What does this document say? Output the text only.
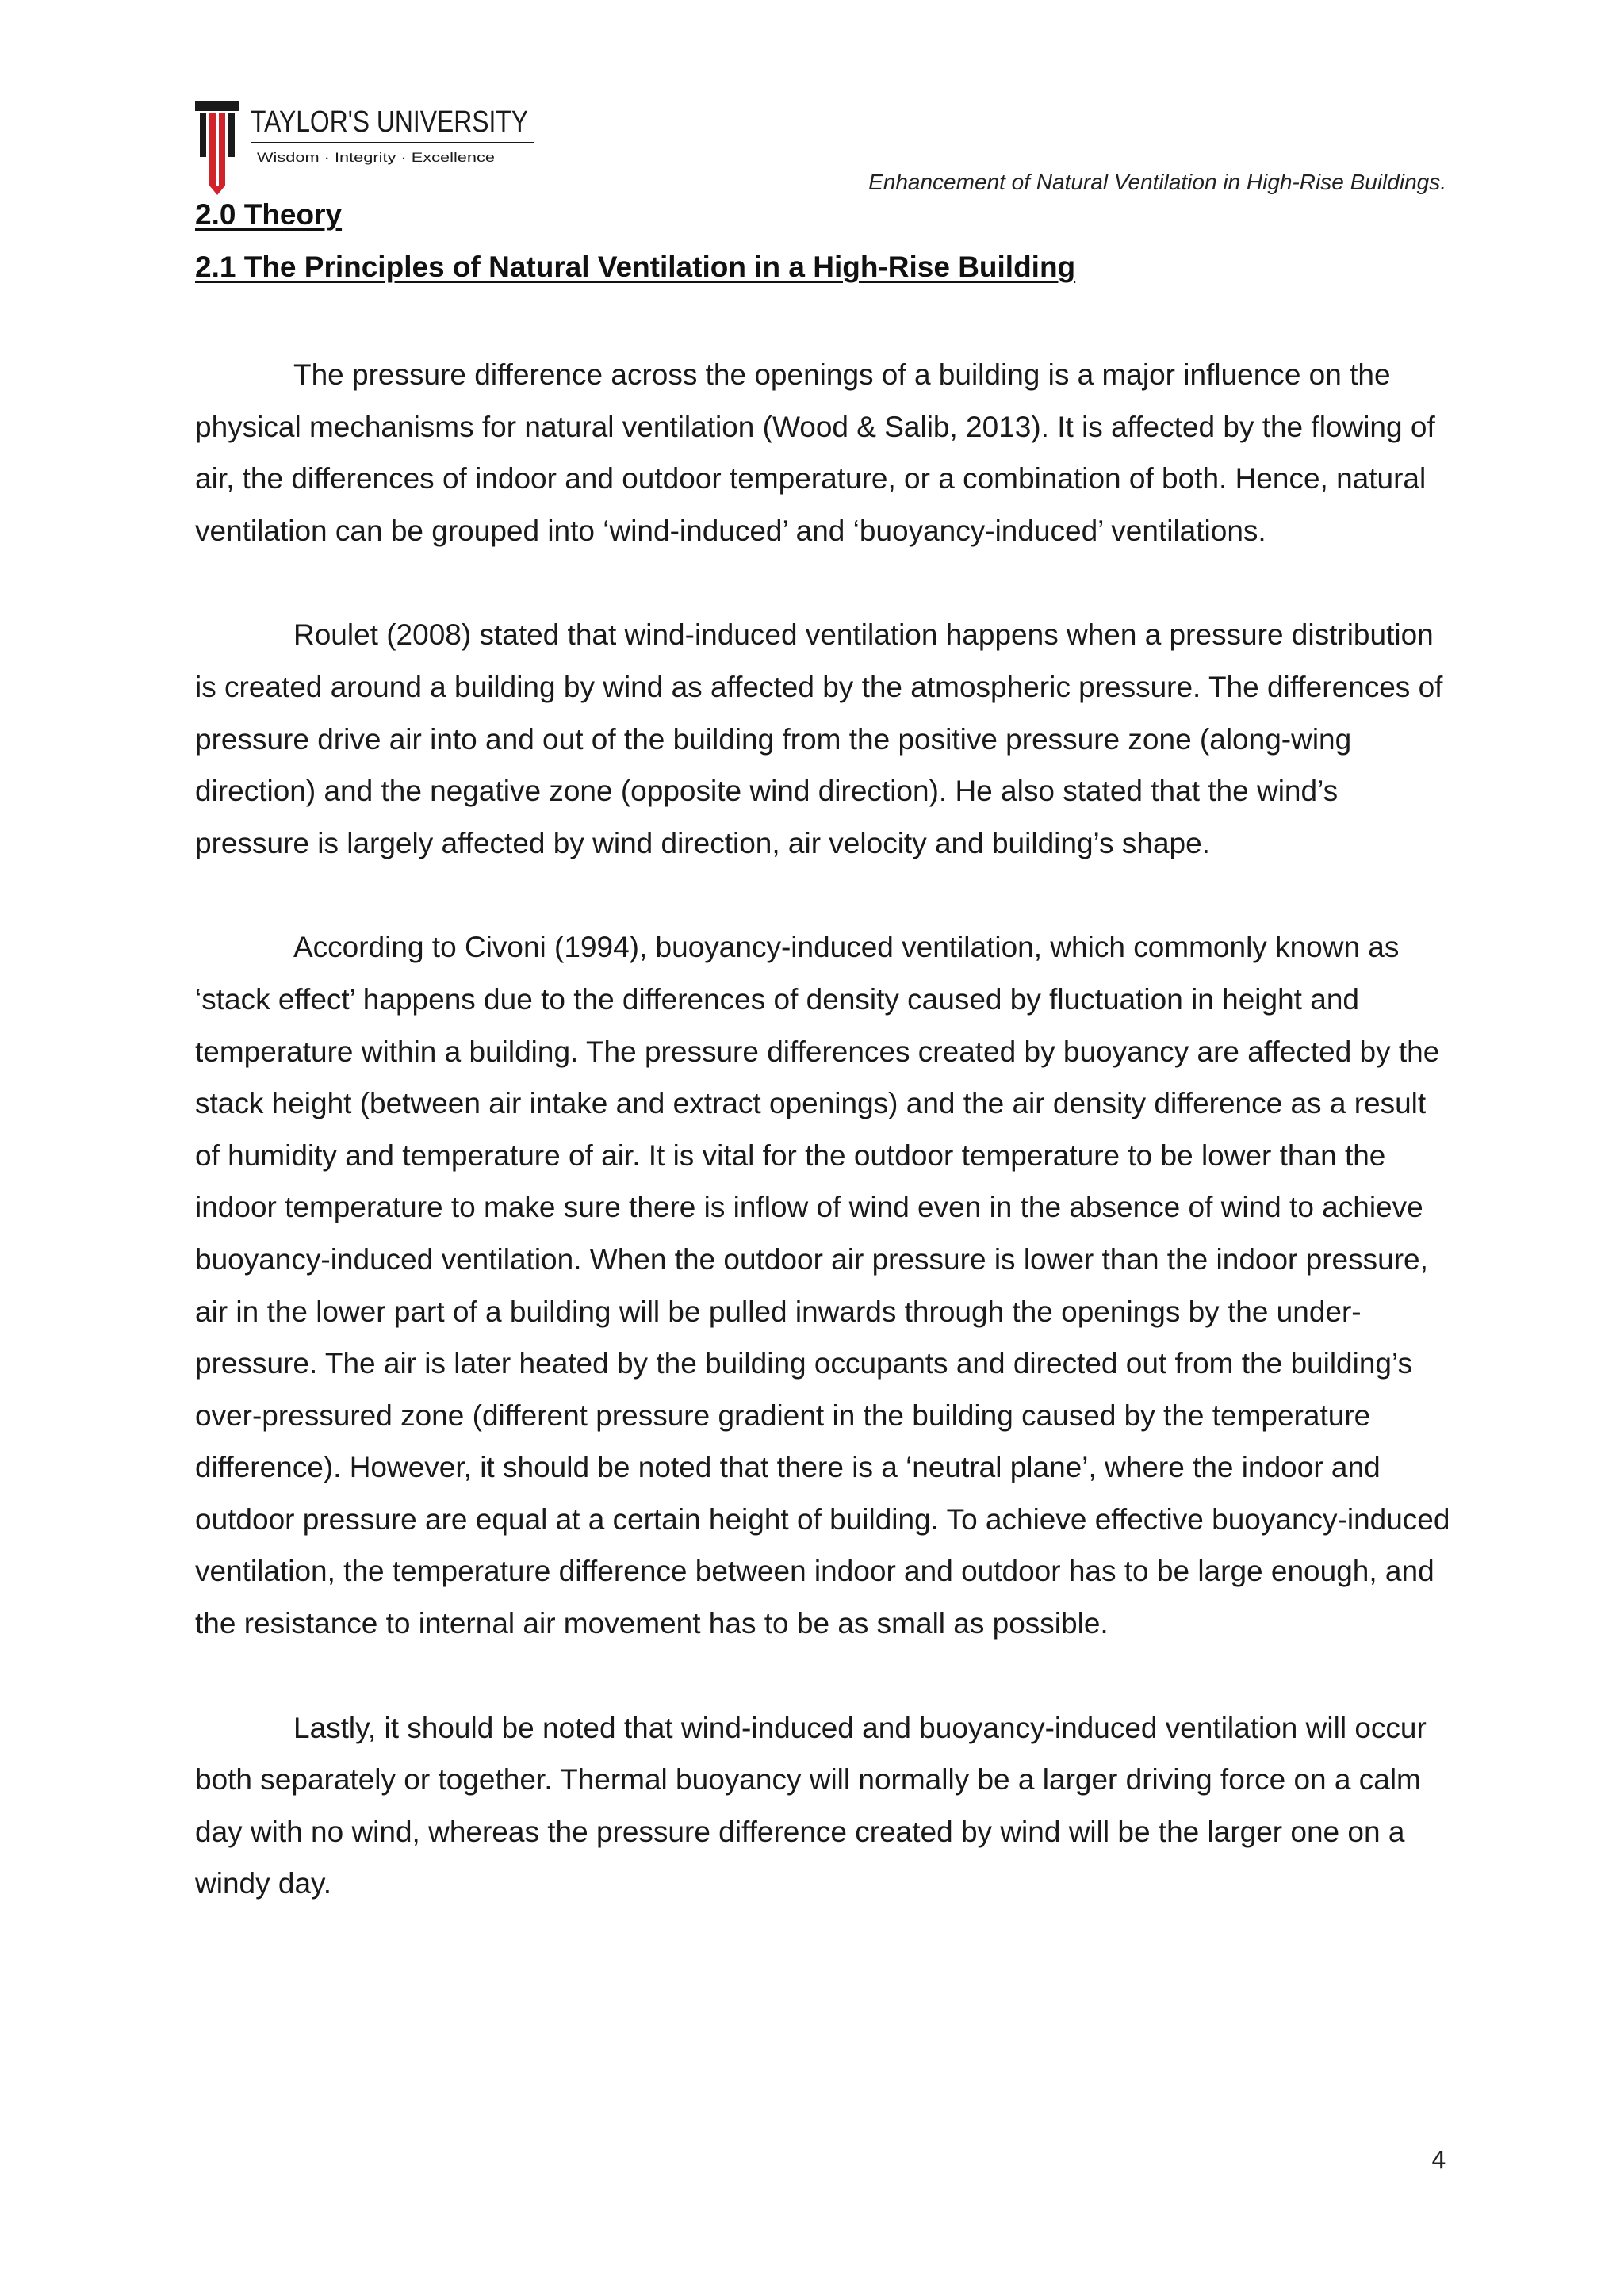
TAYLOR'S UNIVERSITY
Wisdom · Integrity · Excellence
Enhancement of Natural Ventilation in High-Rise Buildings.
2.0 Theory
2.1 The Principles of Natural Ventilation in a High-Rise Building

The pressure difference across the openings of a building is a major influence on the physical mechanisms for natural ventilation (Wood & Salib, 2013). It is affected by the flowing of air, the differences of indoor and outdoor temperature, or a combination of both. Hence, natural ventilation can be grouped into ‘wind-induced’ and ‘buoyancy-induced’ ventilations.

Roulet (2008) stated that wind-induced ventilation happens when a pressure distribution is created around a building by wind as affected by the atmospheric pressure. The differences of pressure drive air into and out of the building from the positive pressure zone (along-wing direction) and the negative zone (opposite wind direction). He also stated that the wind’s pressure is largely affected by wind direction, air velocity and building’s shape.

According to Civoni (1994), buoyancy-induced ventilation, which commonly known as ‘stack effect’ happens due to the differences of density caused by fluctuation in height and temperature within a building. The pressure differences created by buoyancy are affected by the stack height (between air intake and extract openings) and the air density difference as a result of humidity and temperature of air. It is vital for the outdoor temperature to be lower than the indoor temperature to make sure there is inflow of wind even in the absence of wind to achieve buoyancy-induced ventilation. When the outdoor air pressure is lower than the indoor pressure, air in the lower part of a building will be pulled inwards through the openings by the under-pressure. The air is later heated by the building occupants and directed out from the building’s over-pressured zone (different pressure gradient in the building caused by the temperature difference). However, it should be noted that there is a ‘neutral plane’, where the indoor and outdoor pressure are equal at a certain height of building. To achieve effective buoyancy-induced ventilation, the temperature difference between indoor and outdoor has to be large enough, and the resistance to internal air movement has to be as small as possible.

Lastly, it should be noted that wind-induced and buoyancy-induced ventilation will occur both separately or together. Thermal buoyancy will normally be a larger driving force on a calm day with no wind, whereas the pressure difference created by wind will be the larger one on a windy day.

4
